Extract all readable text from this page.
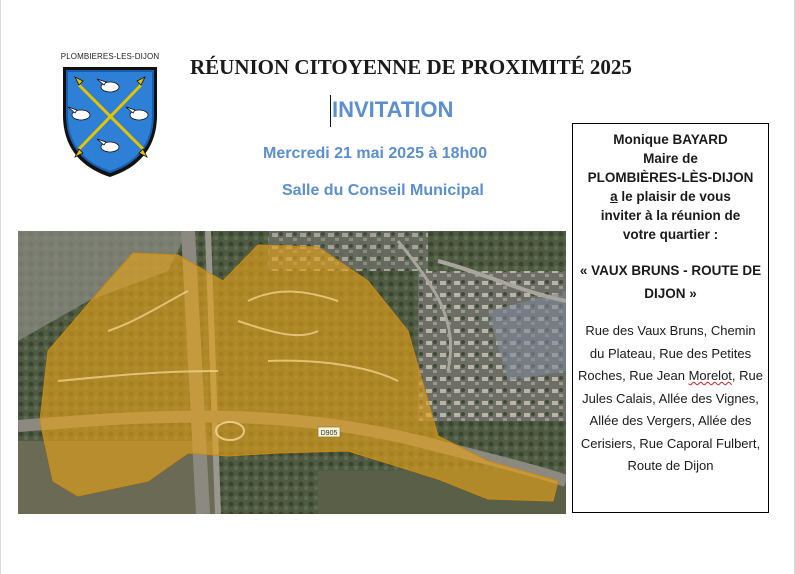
PLOMBIERES-LES-DIJON RÉUNION CITOYENNE DE PROXIMITÉ 2025
INVITATION
Mercredi 21 mai 2025 à 18h00
Salle du Conseil Municipal
D905
Monique BAYARD
Maire de
PLOMBIÈRES-LÈS-DIJON
a le plaisir de vous
inviter à la réunion de
votre quartier :
« VAUX BRUNS - ROUTE DE DIJON »
Rue des Vaux Bruns, Chemin du Plateau, Rue des Petites Roches, Rue Jean Morelot, Rue Jules Calais, Allée des Vignes, Allée des Vergers, Allée des Cerisiers, Rue Caporal Fulbert, Route de Dijon
